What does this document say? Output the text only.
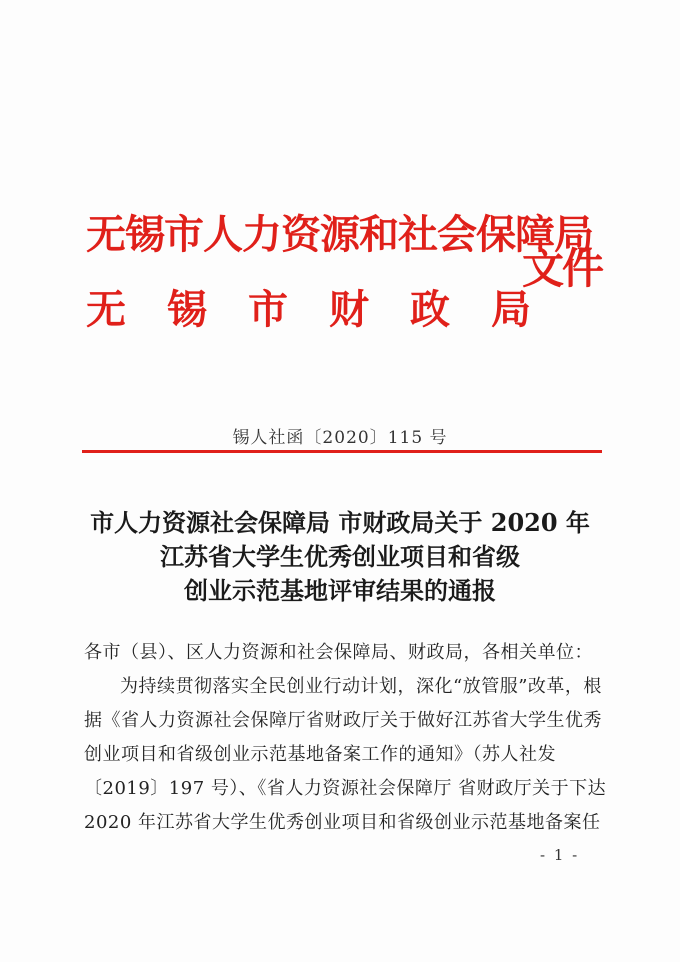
无锡市人力资源和社会保障局
无 锡 市 财 政 局
文件
锡人社函〔2020〕115 号
市人力资源社会保障局 市财政局关于 2020 年
江苏省大学生优秀创业项目和省级
创业示范基地评审结果的通报
各市（县）、区人力资源和社会保障局、财政局，各相关单位：
为持续贯彻落实全民创业行动计划，深化“放管服”改革，根
据《省人力资源社会保障厅省财政厅关于做好江苏省大学生优秀
创业项目和省级创业示范基地备案工作的通知》（苏人社发
〔2019〕197 号）、《省人力资源社会保障厅 省财政厅关于下达
2020 年江苏省大学生优秀创业项目和省级创业示范基地备案任
- 1 -
